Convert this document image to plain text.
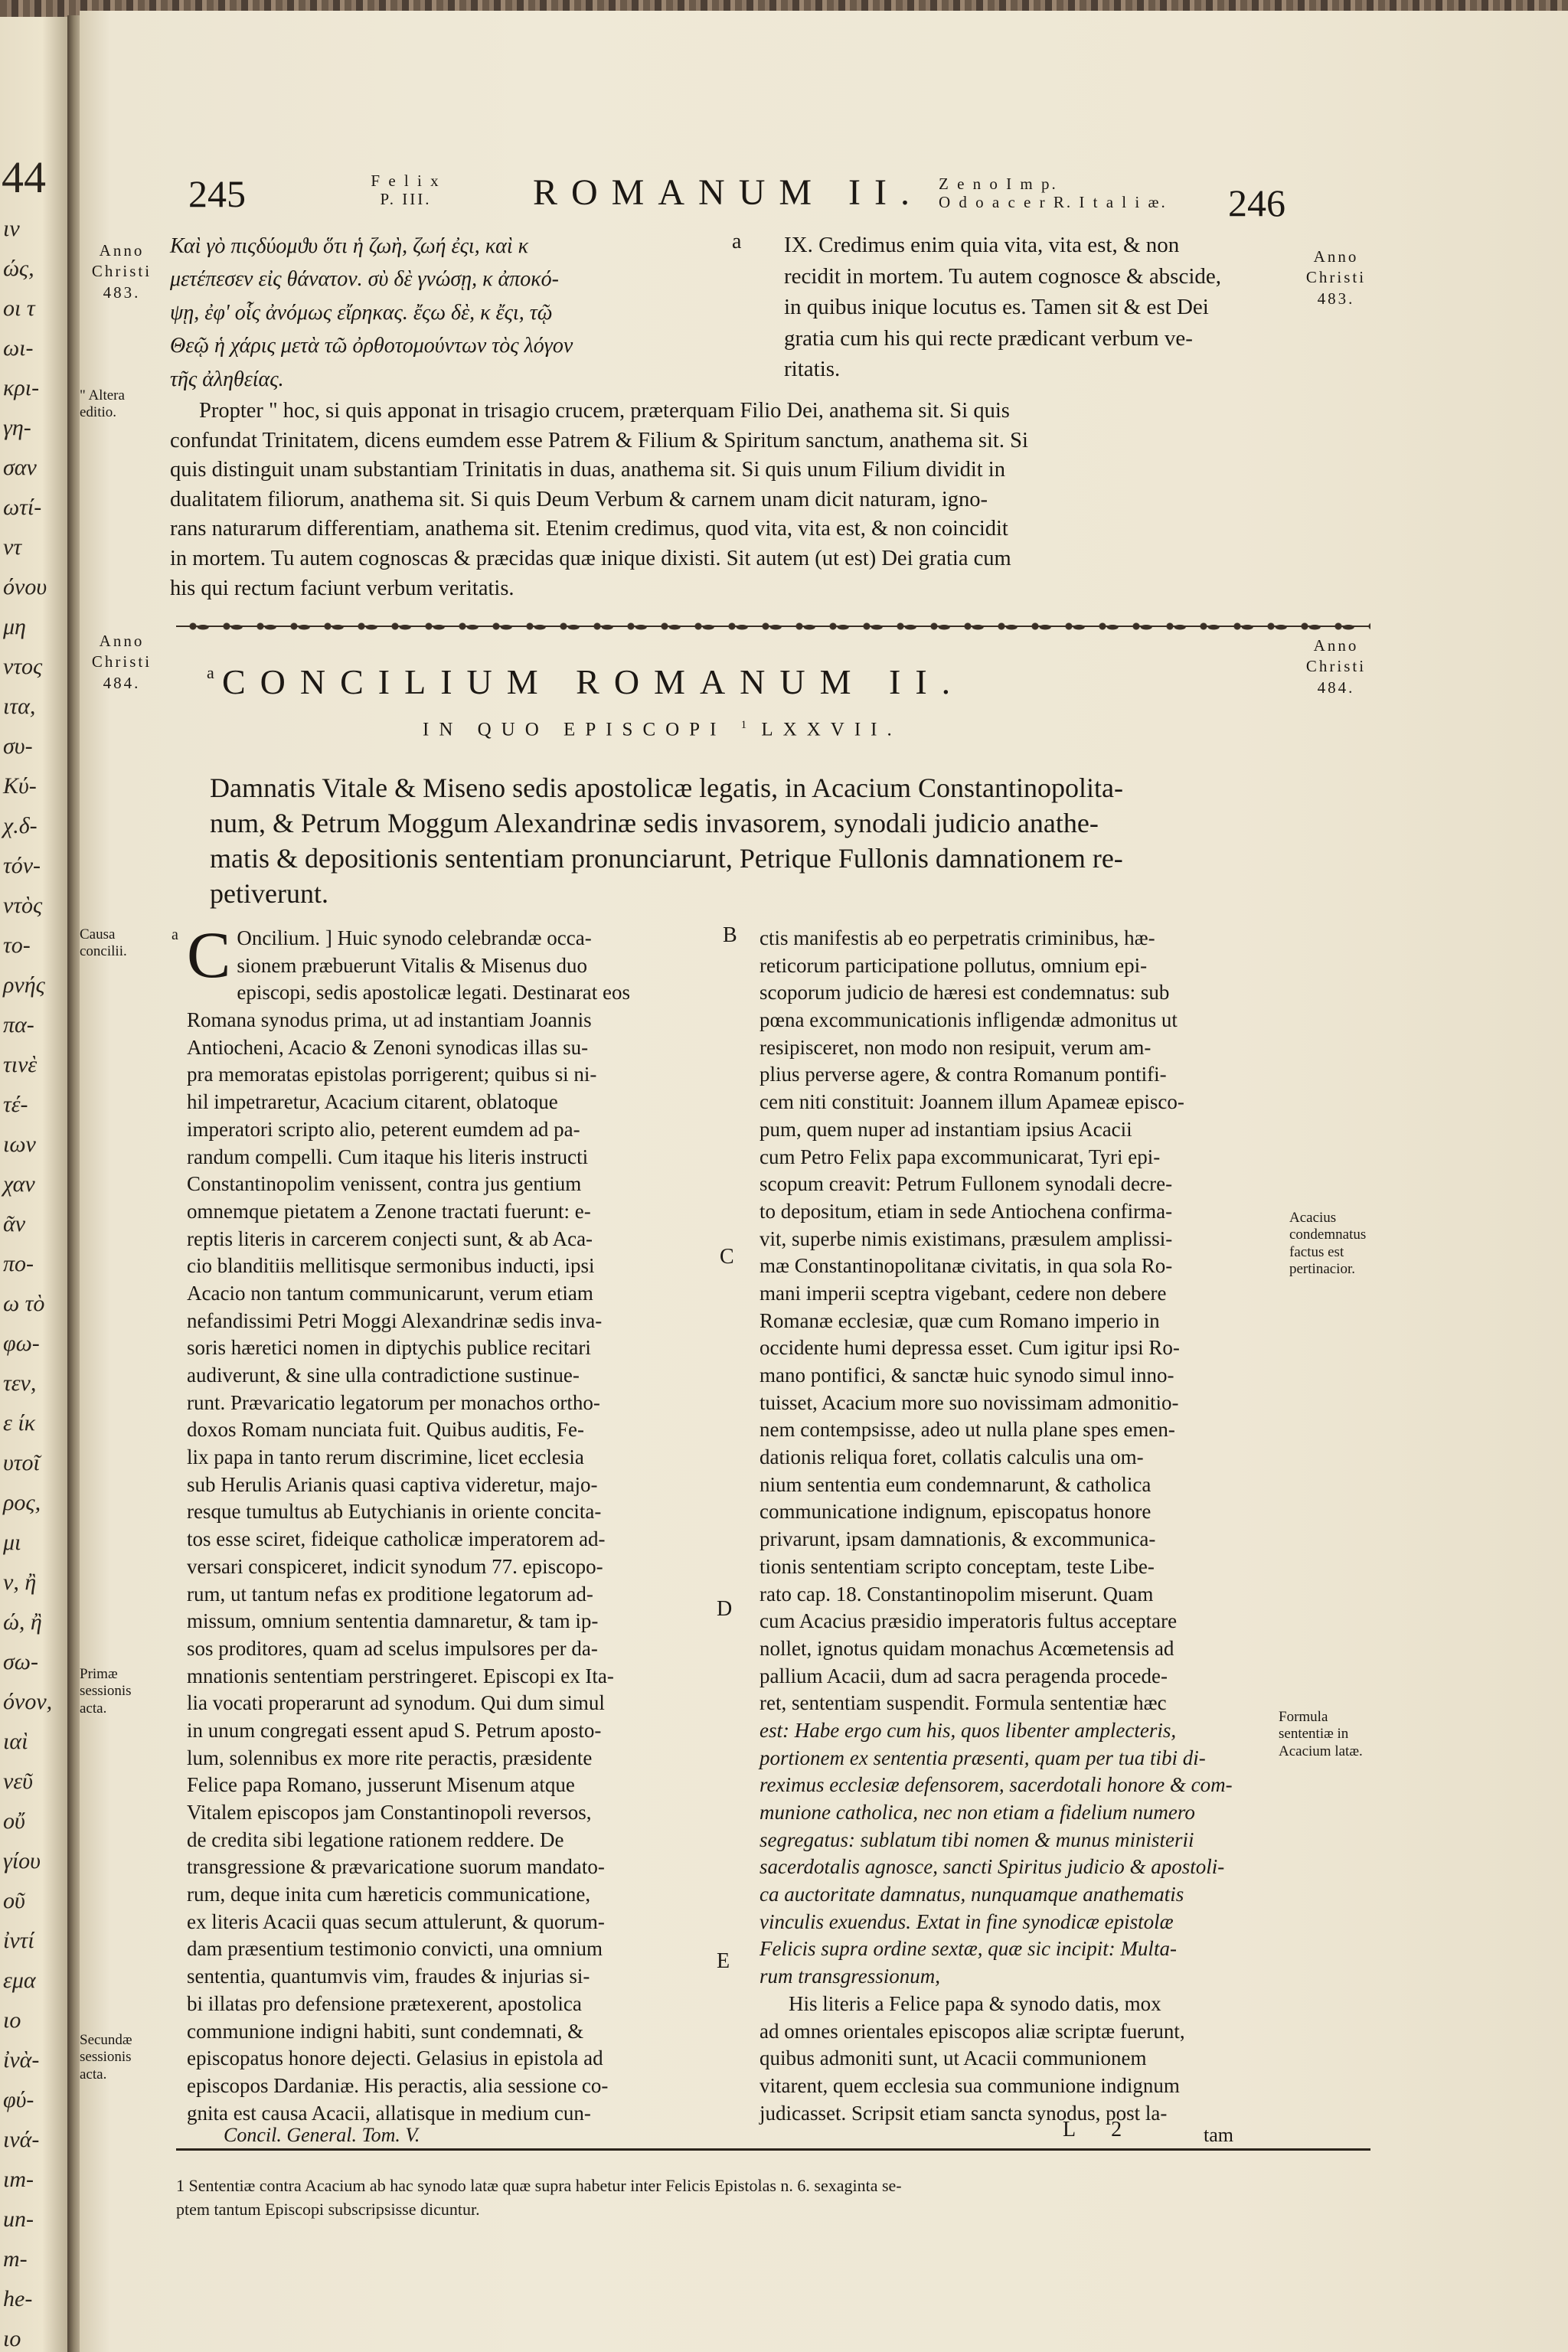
44
ιν
ώς,
οι τ
ωι-
κρι-
γη-
σαν
ωτί-
ντ
όνου
μη
ντος
ιτα,
συ-
Κύ-
χ.δ-
τόν-
ντὸς
το-
ρνής
πα-
τινὲ
τέ-
ιων
χαν
ᾶν
πο-
ω τὸ
φω-
τεν,
ε ίκ
υτοῖ
ρος,
μι
ν, ἢ
ώ, ἢ
σω-
όνον,
ιαὶ
νεῦ
οὔ
γίου
οῦ
ἰντί
εμα
ιο
ἰνὰ-
φύ-
ινά-
ιm-
un-
m-
he-
ιο
245	F e l i x
P. III.	ROMANUM II. Z e n o I m p.
O d o a c e r R. I t a l i æ.	246
Anno
Christi
483.
Anno
Christi
483.
" Altera editio.
Καὶ γὸ πιςδύομϑυ ὅτι ἡ ζωὴ, ζωή ἐςι, καὶ κ
μετέπεσεν εἰς θάνατον. σὺ δὲ γνώσῃ, κ ἀποκό-
ψῃ, ἐφ' οἷς ἀνόμως εἴρηκας. ἔςω δὲ, κ ἔςι, τῷ
Θεῷ ἡ χάρις μετὰ τῶ ὀρθοτομούντων τὸς λόγον
τῆς ἀληθείας.
a IX. Credimus enim quia vita, vita est, & non
recidit in mortem. Tu autem cognosce & abscide,
in quibus inique locutus es. Tamen sit & est Dei
gratia cum his qui recte prædicant verbum ve-
ritatis.
Propter " hoc, si quis apponat in trisagio crucem, præterquam Filio Dei, anathema sit. Si quis
confundat Trinitatem, dicens eumdem esse Patrem & Filium & Spiritum sanctum, anathema sit. Si
quis distinguit unam substantiam Trinitatis in duas, anathema sit. Si quis unum Filium dividit in
dualitatem filiorum, anathema sit. Si quis Deum Verbum & carnem unam dicit naturam, igno-
rans naturarum differentiam, anathema sit. Etenim credimus, quod vita, vita est, & non coincidit
in mortem. Tu autem cognoscas & præcidas quæ inique dixisti. Sit autem (ut est) Dei gratia cum
his qui rectum faciunt verbum veritatis.
Anno
Christi
484.
Anno
Christi
484.
a CONCILIUM ROMANUM II.
IN QUO EPISCOPI $^1$ LXXVII.
Damnatis Vitale & Miseno sedis apostolicæ legatis, in Acacium Constantinopolita-
num, & Petrum Moggum Alexandrinæ sedis invasorem, synodali judicio anathe-
matis & depositionis sententiam pronunciarunt, Petrique Fullonis damnationem re-
petiverunt.
Causa concilii.
Primæ sessionis acta.
Secundæ sessionis acta.
Acacius condemnatus factus est pertinacior.
Formula sententiæ in Acacium latæ.
B
C
D
E
a C Oncilium. ] Huic synodo celebrandæ occa-
sionem præbuerunt Vitalis & Misenus duo
episcopi, sedis apostolicæ legati. Destinarat eos
Romana synodus prima, ut ad instantiam Joannis
Antiocheni, Acacio & Zenoni synodicas illas su-
pra memoratas epistolas porrigerent; quibus si ni-
hil impetraretur, Acacium citarent, oblatoque
imperatori scripto alio, peterent eumdem ad pa-
randum compelli. Cum itaque his literis instructi
Constantinopolim venissent, contra jus gentium
omnemque pietatem a Zenone tractati fuerunt: e-
reptis literis in carcerem conjecti sunt, & ab Aca-
cio blanditiis mellitisque sermonibus inducti, ipsi
Acacio non tantum communicarunt, verum etiam
nefandissimi Petri Moggi Alexandrinæ sedis inva-
soris hæretici nomen in diptychis publice recitari
audiverunt, & sine ulla contradictione sustinue-
runt. Prævaricatio legatorum per monachos ortho-
doxos Romam nunciata fuit. Quibus auditis, Fe-
lix papa in tanto rerum discrimine, licet ecclesia
sub Herulis Arianis quasi captiva videretur, majo-
resque tumultus ab Eutychianis in oriente concita-
tos esse sciret, fideique catholicæ imperatorem ad-
versari conspiceret, indicit synodum 77. episcopo-
rum, ut tantum nefas ex proditione legatorum ad-
missum, omnium sententia damnaretur, & tam ip-
sos proditores, quam ad scelus impulsores per da-
mnationis sententiam perstringeret. Episcopi ex Ita-
lia vocati properarunt ad synodum. Qui dum simul
in unum congregati essent apud S. Petrum aposto-
lum, solennibus ex more rite peractis, præsidente
Felice papa Romano, jusserunt Misenum atque
Vitalem episcopos jam Constantinopoli reversos,
de credita sibi legatione rationem reddere. De
transgressione & prævaricatione suorum mandato-
rum, deque inita cum hæreticis communicatione,
ex literis Acacii quas secum attulerunt, & quorum-
dam præsentium testimonio convicti, una omnium
sententia, quantumvis vim, fraudes & injurias si-
bi illatas pro defensione prætexerent, apostolica
communione indigni habiti, sunt condemnati, &
episcopatus honore dejecti. Gelasius in epistola ad
episcopos Dardaniæ. His peractis, alia sessione co-
gnita est causa Acacii, allatisque in medium cun-
ctis manifestis ab eo perpetratis criminibus, hæ-
reticorum participatione pollutus, omnium epi-
scoporum judicio de hæresi est condemnatus: sub
pœna excommunicationis infligendæ admonitus ut
resipisceret, non modo non resipuit, verum am-
plius perverse agere, & contra Romanum pontifi-
cem niti constituit: Joannem illum Apameæ episco-
pum, quem nuper ad instantiam ipsius Acacii
cum Petro Felix papa excommunicarat, Tyri epi-
scopum creavit: Petrum Fullonem synodali decre-
to depositum, etiam in sede Antiochena confirma-
vit, superbe nimis existimans, præsulem amplissi-
mæ Constantinopolitanæ civitatis, in qua sola Ro-
mani imperii sceptra vigebant, cedere non debere
Romanæ ecclesiæ, quæ cum Romano imperio in
occidente humi depressa esset. Cum igitur ipsi Ro-
mano pontifici, & sanctæ huic synodo simul inno-
tuisset, Acacium more suo novissimam admonitio-
nem contempsisse, adeo ut nulla plane spes emen-
dationis reliqua foret, collatis calculis una om-
nium sententia eum condemnarunt, & catholica
communicatione indignum, episcopatus honore
privarunt, ipsam damnationis, & excommunica-
tionis sententiam scripto conceptam, teste Libe-
rato cap. 18. Constantinopolim miserunt. Quam
cum Acacius præsidio imperatoris fultus acceptare
nollet, ignotus quidam monachus Acœmetensis ad
pallium Acacii, dum ad sacra peragenda procede-
ret, sententiam suspendit. Formula sententiæ hæc
est: Habe ergo cum his, quos libenter amplecteris,
portionem ex sententia præsenti, quam per tua tibi di-
reximus ecclesiæ defensorem, sacerdotali honore & com-
munione catholica, nec non etiam a fidelium numero
segregatus: sublatum tibi nomen & munus ministerii
sacerdotalis agnosce, sancti Spiritus judicio & apostoli-
ca auctoritate damnatus, nunquamque anathematis
vinculis exuendus. Extat in fine synodicæ epistolæ
Felicis supra ordine sextæ, quæ sic incipit: Multa-
rum transgressionum,
His literis a Felice papa & synodo datis, mox
ad omnes orientales episcopos aliæ scriptæ fuerunt,
quibus admoniti sunt, ut Acacii communionem
vitarent, quem ecclesia sua communione indignum
judicasset. Scripsit etiam sancta synodus, post la-
Concil. General. Tom. V.	L 2	tam
1 Sententiæ contra Acacium ab hac synodo latæ quæ supra habetur inter Felicis Epistolas n. 6. sexaginta se-
ptem tantum Episcopi subscripsisse dicuntur.
